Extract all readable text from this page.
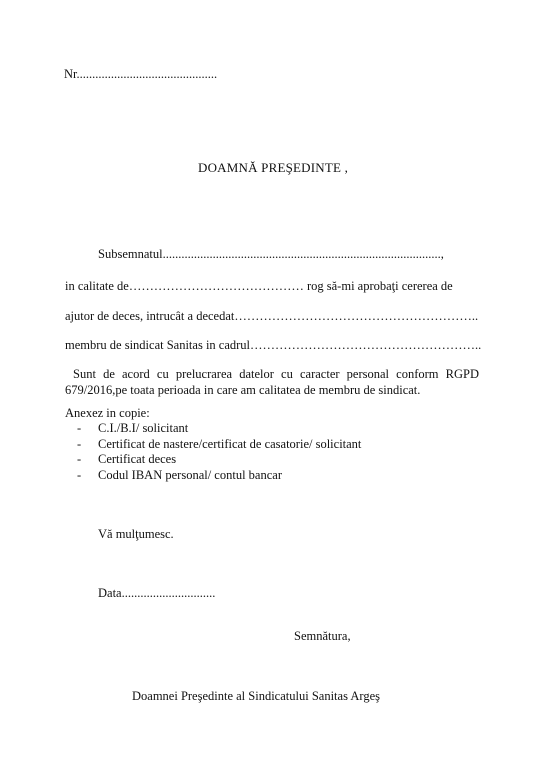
Nr.............................................
DOAMNĂ PREŞEDINTE ,
Subsemnatul.........................................................................................,
in calitate de…………………………………… rog să-mi aprobaţi cererea de
ajutor de deces, intrucât a decedat…………………………………………………..
membru de sindicat Sanitas in cadrul………………………………………………..
Sunt de acord cu prelucrarea datelor cu caracter personal conform RGPD 679/2016,pe toata perioada in care am calitatea de membru de sindicat.
Anexez in copie:
- C.I./B.I/ solicitant
- Certificat de nastere/certificat de casatorie/ solicitant
- Certificat deces
- Codul IBAN personal/ contul bancar
Vă mulţumesc.
Data..............................
Semnătura,
Doamnei Preşedinte al Sindicatului Sanitas Argeş
